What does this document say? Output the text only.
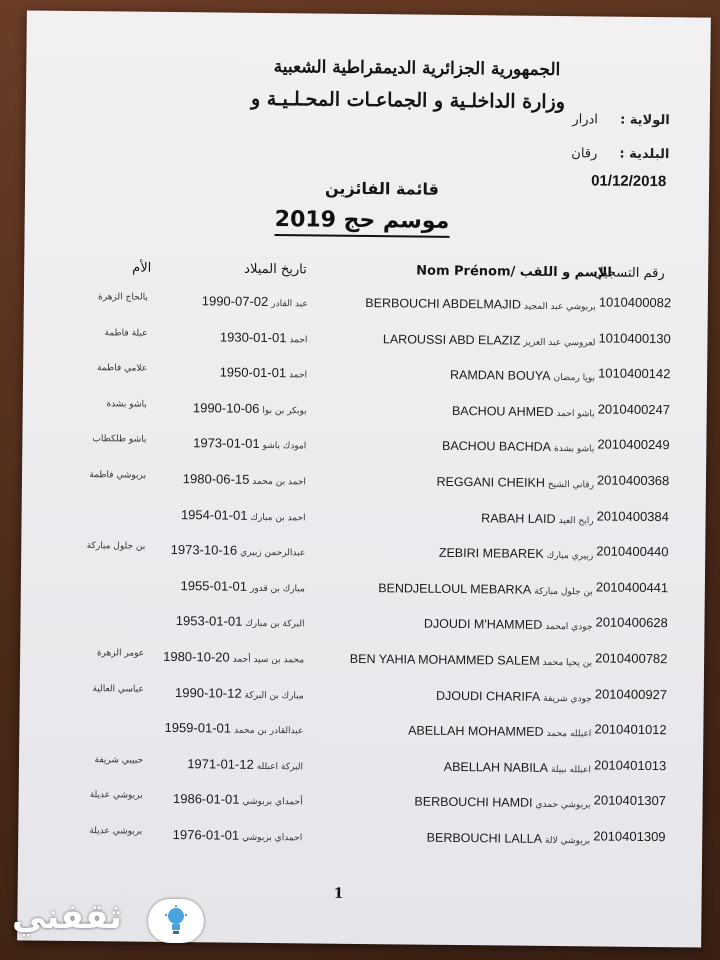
الجمهورية الجزائرية الديمقراطية الشعبية
وزارة الداخلـية و الجماعـات المحـلـيـة و
الولاية : ادرار
البلدية : رقان
01/12/2018
قائمة الفائزين
موسم حج 2019
رقم التسجيل
Nom Prénom/ الإسم و اللقب
تاريخ الميلاد
الأم
1010400082
BERBOUCHI ABDELMAJID بربوشي عبد المجيد
1990-07-02 عبد القادر
بالحاج الزهرة
1010400130
LAROUSSI ABD ELAZIZ لعروسي عبد العزيز
1930-01-01 احمد
عبلة فاطمة
1010400142
RAMDAN BOUYA بويا رمضان
1950-01-01 احمد
علامي فاطمة
2010400247
BACHOU AHMED باشو احمد
1990-10-06 بوبكر بن بوا
باشو بشدة
2010400249
BACHOU BACHDA باشو بشدة
1973-01-01 امودك باشو
باشو طلكطاب
2010400368
REGGANI CHEIKH رقاني الشيخ
1980-06-15 احمد بن محمد
بربوشي فاطمة
2010400384
RABAH LAID رابح العيد
1954-01-01 احمد بن مبارك
2010400440
ZEBIRI MEBAREK زبيري مبارك
1973-10-16 عبدالرحمن زبيري
بن جلول مباركة
2010400441
BENDJELLOUL MEBARKA بن جلول مباركة
1955-01-01 مبارك بن قدور
2010400628
DJOUDI M'HAMMED جودي امحمد
1953-01-01 البركة بن مبارك
2010400782
BEN YAHIA MOHAMMED SALEM بن يحيا محمد
1980-10-20 محمد بن سيد أحمد
عومر الزهرة
2010400927
DJOUDI CHARIFA جودي شريفة
1990-10-12 مبارك بن البركة
عباسي العالية
2010401012
ABELLAH MOHAMMED اعبلله محمد
1959-01-01 عبدالقادر بن محمد
2010401013
ABELLAH NABILA اعبلله نبيلة
1971-01-12 البركة اعبلله
حبيبي شريفة
2010401307
BERBOUCHI HAMDI بربوشي حمدي
1986-01-01 أحمداي بربوشي
بربوشي عديلة
2010401309
BERBOUCHI LALLA بربوشي لالة
1976-01-01 احمداي بربوشي
بربوشي عديلة
1
ثقفني
